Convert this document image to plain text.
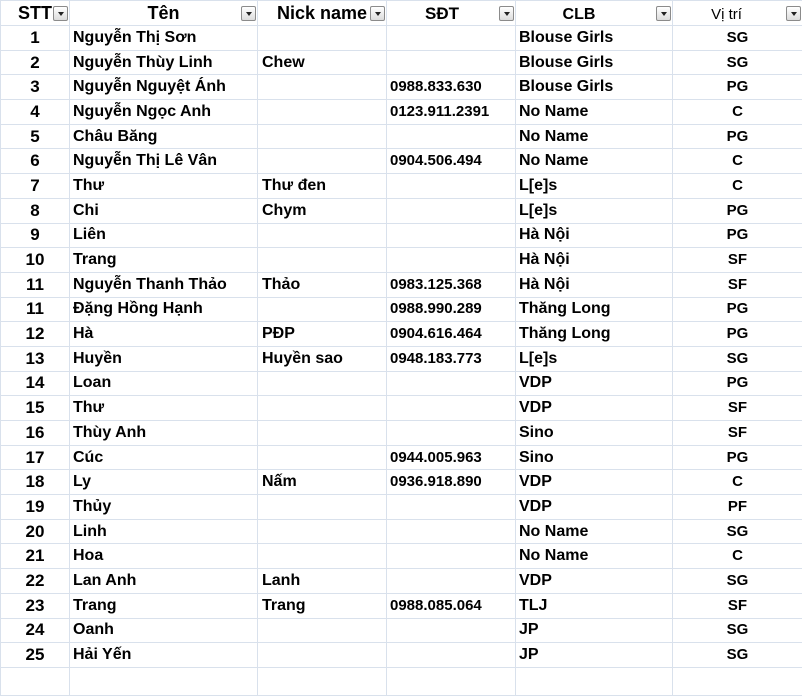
STT	Tên	Nick name	SĐT	CLB	Vị trí

1	Nguyễn Thị Sơn			Blouse Girls	SG
2	Nguyễn Thùy Linh	Chew		Blouse Girls	SG
3	Nguyễn Nguyệt Ánh		0988.833.630	Blouse Girls	PG
4	Nguyễn Ngọc Anh		0123.911.2391	No Name	C
5	Châu Băng			No Name	PG
6	Nguyễn Thị Lê Vân		0904.506.494	No Name	C
7	Thư	Thư đen		L[e]s	C
8	Chi	Chym		L[e]s	PG
9	Liên			Hà Nội	PG
10	Trang			Hà Nội	SF
11	Nguyễn Thanh Thảo	Thảo	0983.125.368	Hà Nội	SF
11	Đặng Hồng Hạnh		0988.990.289	Thăng Long	PG
12	Hà	PĐP	0904.616.464	Thăng Long	PG
13	Huyền	Huyền sao	0948.183.773	L[e]s	SG
14	Loan			VDP	PG
15	Thư			VDP	SF
16	Thùy Anh			Sino	SF
17	Cúc		0944.005.963	Sino	PG
18	Ly	Nấm	0936.918.890	VDP	C
19	Thủy			VDP	PF
20	Linh			No Name	SG
21	Hoa			No Name	C
22	Lan Anh	Lanh		VDP	SG
23	Trang	Trang	0988.085.064	TLJ	SF
24	Oanh			JP	SG
25	Hải Yến			JP	SG
